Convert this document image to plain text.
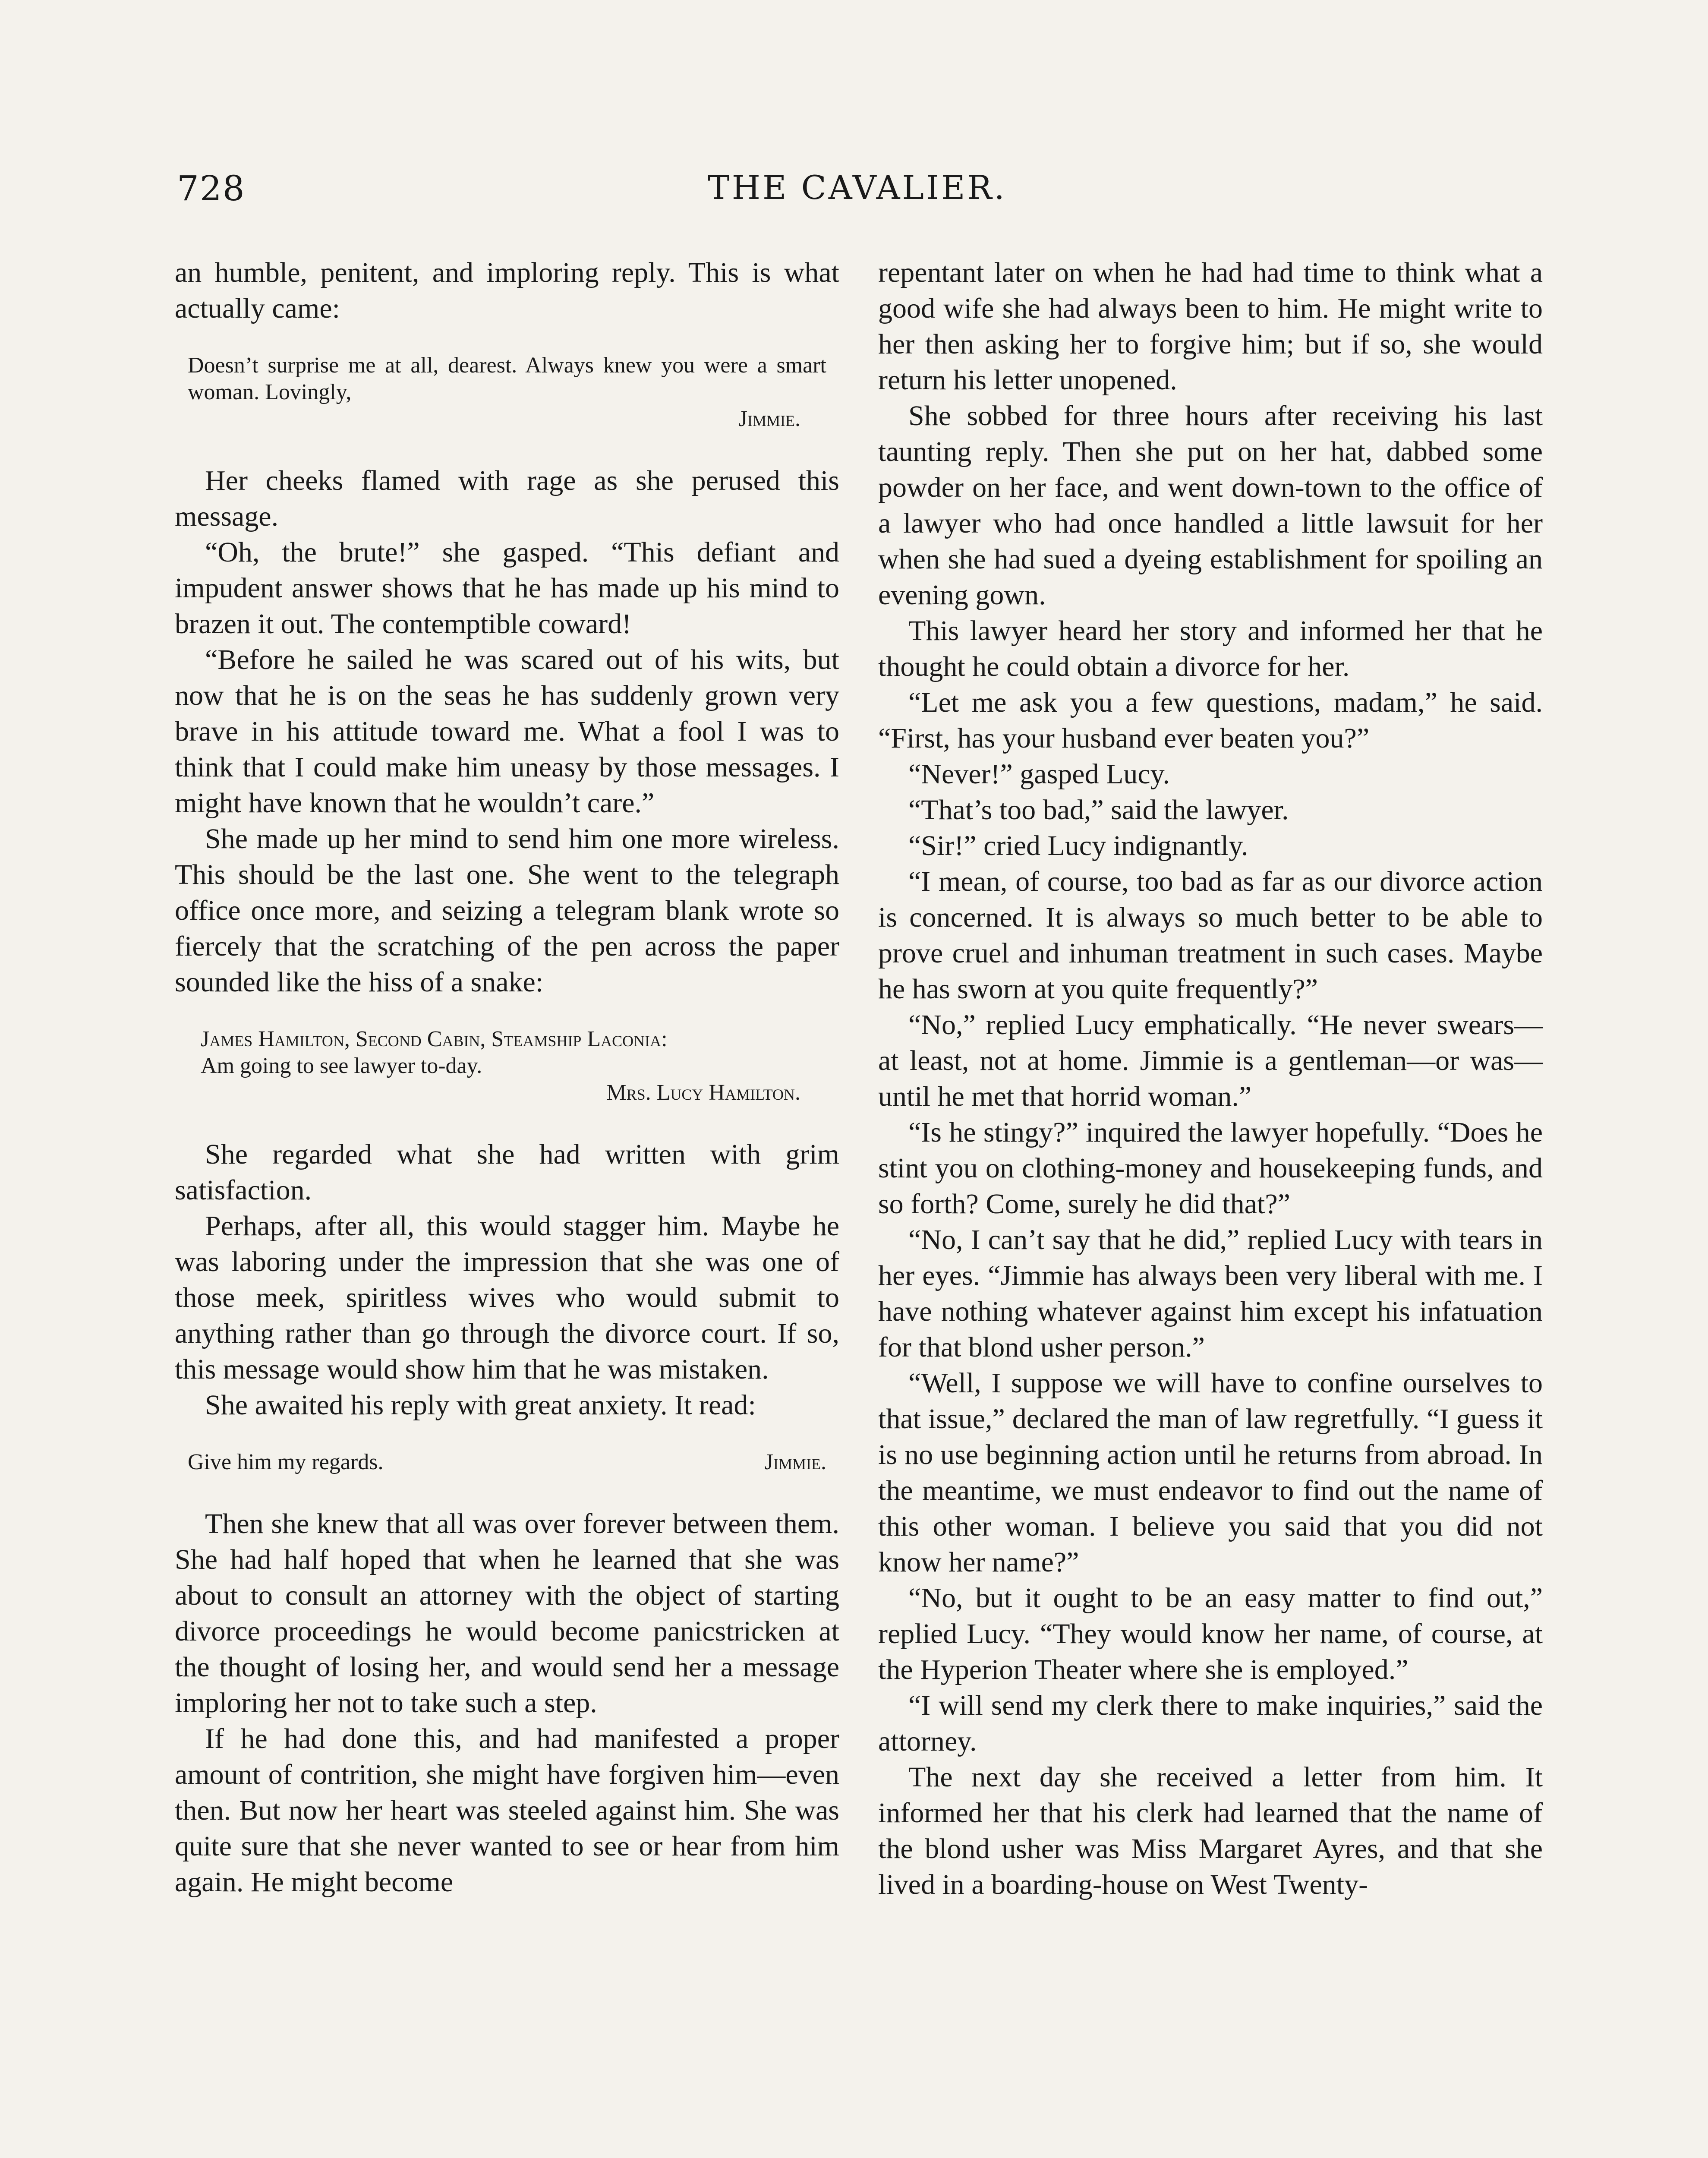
728	THE CAVALIER.

an humble, penitent, and imploring reply. This is what actually came:

Doesn’t surprise me at all, dearest. Always knew you were a smart woman. Lovingly,
Jimmie.

Her cheeks flamed with rage as she perused this message.

“Oh, the brute!” she gasped. “This defiant and impudent answer shows that he has made up his mind to brazen it out. The contemptible coward!

“Before he sailed he was scared out of his wits, but now that he is on the seas he has suddenly grown very brave in his attitude toward me. What a fool I was to think that I could make him uneasy by those messages. I might have known that he wouldn’t care.”

She made up her mind to send him one more wireless. This should be the last one. She went to the telegraph office once more, and seizing a telegram blank wrote so fiercely that the scratching of the pen across the paper sounded like the hiss of a snake:

James Hamilton, Second Cabin, Steamship Laconia:
Am going to see lawyer to-day.
Mrs. Lucy Hamilton.

She regarded what she had written with grim satisfaction.

Perhaps, after all, this would stagger him. Maybe he was laboring under the impression that she was one of those meek, spiritless wives who would submit to anything rather than go through the divorce court. If so, this message would show him that he was mistaken.

She awaited his reply with great anxiety. It read:

Give him my regards.	Jimmie.

Then she knew that all was over forever between them. She had half hoped that when he learned that she was about to consult an attorney with the object of starting divorce proceedings he would become panicstricken at the thought of losing her, and would send her a message imploring her not to take such a step.

If he had done this, and had manifested a proper amount of contrition, she might have forgiven him—even then. But now her heart was steeled against him. She was quite sure that she never wanted to see or hear from him again. He might become

repentant later on when he had had time to think what a good wife she had always been to him. He might write to her then asking her to forgive him; but if so, she would return his letter unopened.

She sobbed for three hours after receiving his last taunting reply. Then she put on her hat, dabbed some powder on her face, and went down-town to the office of a lawyer who had once handled a little lawsuit for her when she had sued a dyeing establishment for spoiling an evening gown.

This lawyer heard her story and informed her that he thought he could obtain a divorce for her.

“Let me ask you a few questions, madam,” he said. “First, has your husband ever beaten you?”

“Never!” gasped Lucy.

“That’s too bad,” said the lawyer.

“Sir!” cried Lucy indignantly.

“I mean, of course, too bad as far as our divorce action is concerned. It is always so much better to be able to prove cruel and inhuman treatment in such cases. Maybe he has sworn at you quite frequently?”

“No,” replied Lucy emphatically. “He never swears—at least, not at home. Jimmie is a gentleman—or was—until he met that horrid woman.”

“Is he stingy?” inquired the lawyer hopefully. “Does he stint you on clothing-money and housekeeping funds, and so forth? Come, surely he did that?”

“No, I can’t say that he did,” replied Lucy with tears in her eyes. “Jimmie has always been very liberal with me. I have nothing whatever against him except his infatuation for that blond usher person.”

“Well, I suppose we will have to confine ourselves to that issue,” declared the man of law regretfully. “I guess it is no use beginning action until he returns from abroad. In the meantime, we must endeavor to find out the name of this other woman. I believe you said that you did not know her name?”

“No, but it ought to be an easy matter to find out,” replied Lucy. “They would know her name, of course, at the Hyperion Theater where she is employed.”

“I will send my clerk there to make inquiries,” said the attorney.

The next day she received a letter from him. It informed her that his clerk had learned that the name of the blond usher was Miss Margaret Ayres, and that she lived in a boarding-house on West Twenty-
